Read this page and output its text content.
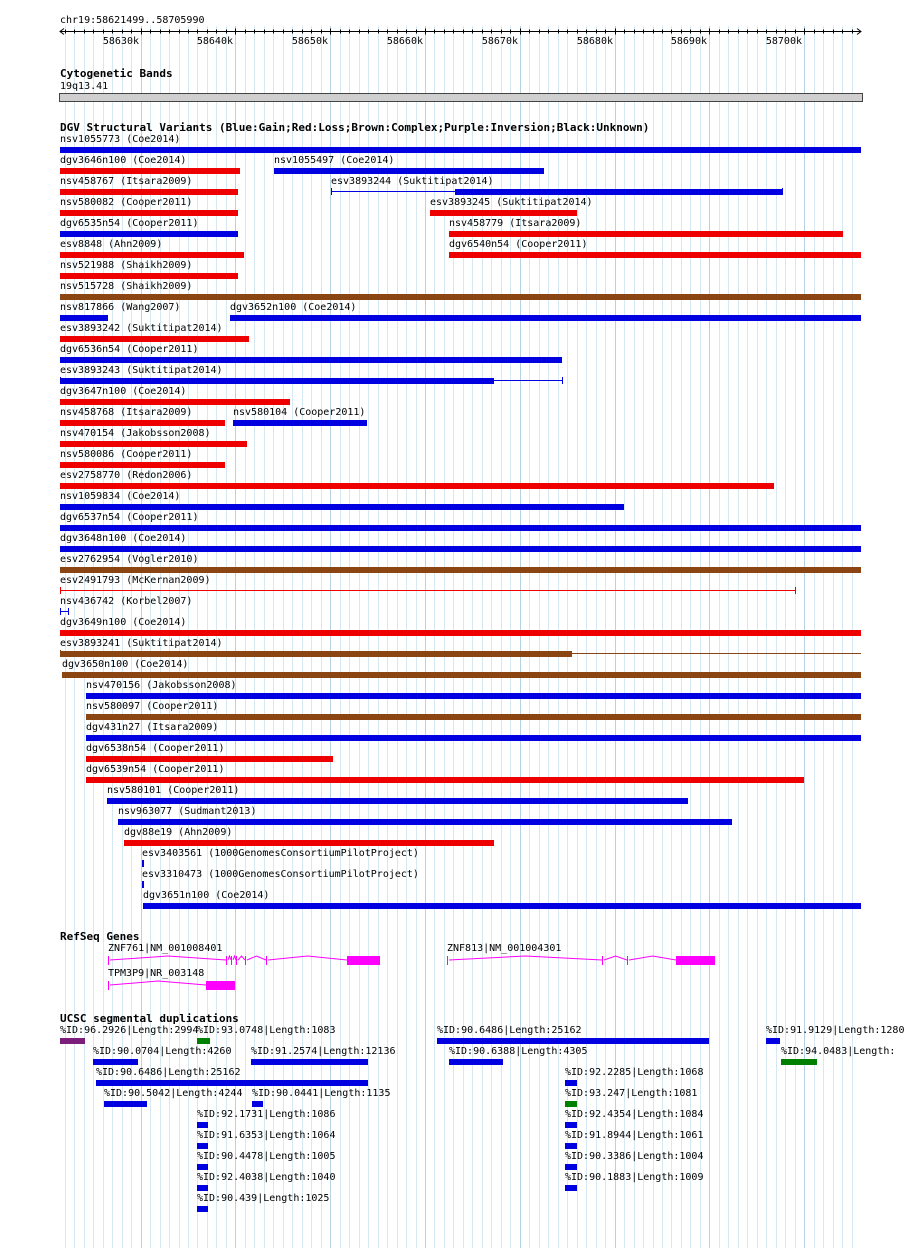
chr19:58621499..58705990
58630k	58640k	58650k	58660k	58670k	58680k	58690k	58700k
Cytogenetic Bands
19q13.41
DGV Structural Variants (Blue:Gain;Red:Loss;Brown:Complex;Purple:Inversion;Black:Unknown)
RefSeq Genes
UCSC segmental duplications
nsv1055773 (Coe2014)
dgv3646n100 (Coe2014)	nsv1055497 (Coe2014)
nsv458767 (Itsara2009)	esv3893244 (Suktitipat2014)
nsv580082 (Cooper2011)	esv3893245 (Suktitipat2014)
dgv6535n54 (Cooper2011)	nsv458779 (Itsara2009)
esv8848 (Ahn2009)	dgv6540n54 (Cooper2011)
nsv521988 (Shaikh2009)
nsv515728 (Shaikh2009)
nsv817866 (Wang2007)	dgv3652n100 (Coe2014)
esv3893242 (Suktitipat2014)
dgv6536n54 (Cooper2011)
esv3893243 (Suktitipat2014)
dgv3647n100 (Coe2014)
nsv458768 (Itsara2009)	nsv580104 (Cooper2011)
nsv470154 (Jakobsson2008)
nsv580086 (Cooper2011)
esv2758770 (Redon2006)
nsv1059834 (Coe2014)
dgv6537n54 (Cooper2011)
dgv3648n100 (Coe2014)
esv2762954 (Vogler2010)
esv2491793 (McKernan2009)
nsv436742 (Korbel2007)
dgv3649n100 (Coe2014)
esv3893241 (Suktitipat2014)
dgv3650n100 (Coe2014)
nsv470156 (Jakobsson2008)
nsv580097 (Cooper2011)
dgv431n27 (Itsara2009)
dgv6538n54 (Cooper2011)
dgv6539n54 (Cooper2011)
nsv580101 (Cooper2011)
nsv963077 (Sudmant2013)
dgv88e19 (Ahn2009)
esv3403561 (1000GenomesConsortiumPilotProject)
esv3310473 (1000GenomesConsortiumPilotProject)
dgv3651n100 (Coe2014)
ZNF761|NM_001008401	ZNF813|NM_001004301
TPM3P9|NR_003148
%ID:96.2926|Length:2994
%ID:93.0748|Length:1083	%ID:90.6486|Length:25162	%ID:91.9129|Length:1280
%ID:90.0704|Length:4260 %ID:91.2574|Length:12136	%ID:90.6388|Length:4305	%ID:94.0483|Length:
%ID:90.6486|Length:25162	%ID:92.2285|Length:1068
%ID:90.5042|Length:4244 %ID:90.0441|Length:1135	%ID:93.247|Length:1081
%ID:92.1731|Length:1086	%ID:92.4354|Length:1084
%ID:91.6353|Length:1064	%ID:91.8944|Length:1061
%ID:90.4478|Length:1005	%ID:90.3386|Length:1004
%ID:92.4038|Length:1040	%ID:90.1883|Length:1009
%ID:90.439|Length:1025
